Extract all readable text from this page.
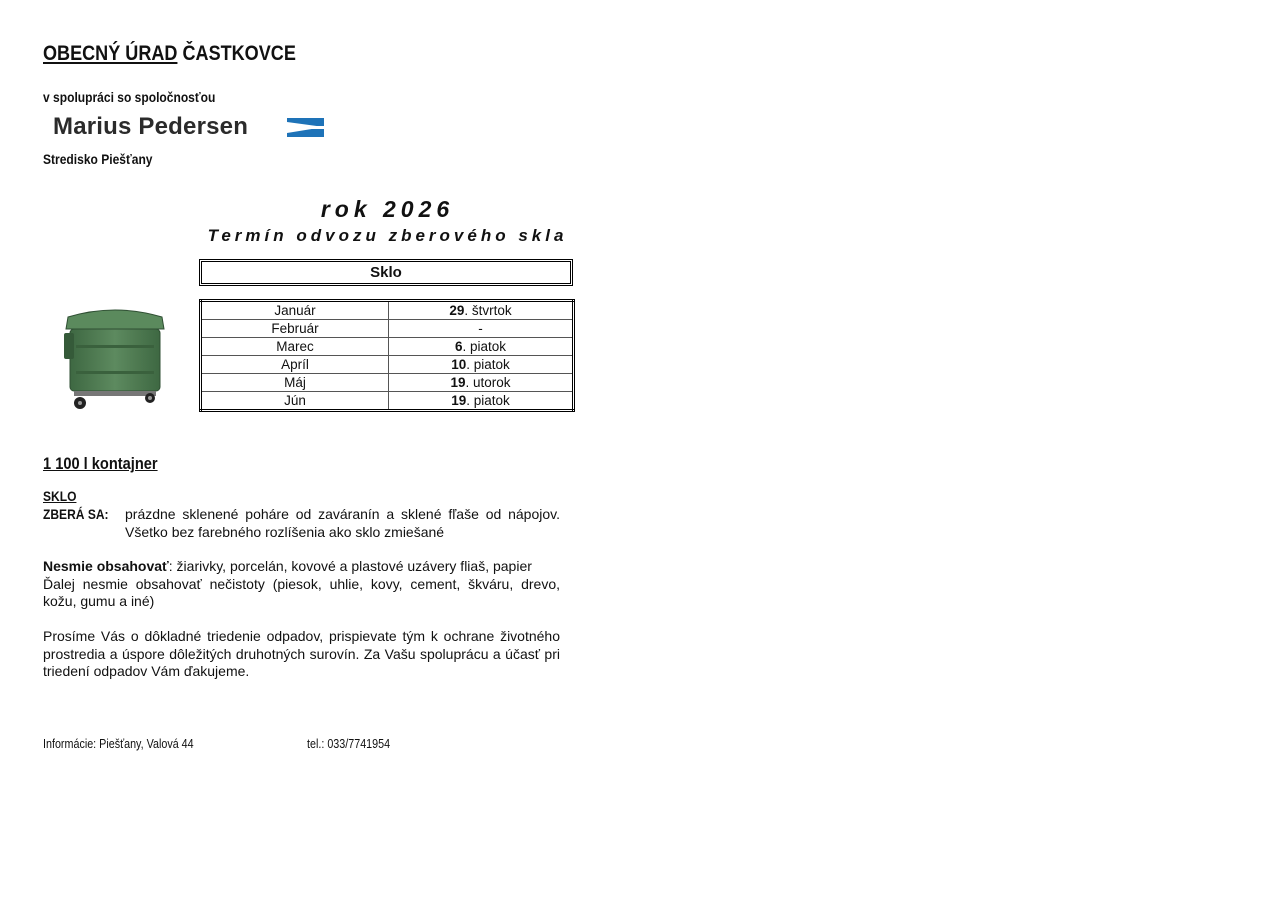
OBECNÝ ÚRAD ČASTKOVCE
v spolupráci so spoločnosťou
Marius Pedersen
Stredisko Piešťany
rok 2026
Termín odvozu zberového skla
Sklo
Január	29. štvrtok
Február	-
Marec	6. piatok
Apríl	10. piatok
Máj	19. utorok
Jún	19. piatok
1 100 l kontajner
SKLO
ZBERÁ SA: prázdne sklenené poháre od zaváranín a sklené fľaše od nápojov. Všetko bez farebného rozlíšenia ako sklo zmiešané
Nesmie obsahovať: žiarivky, porcelán, kovové a plastové uzávery fliaš, papier
Ďalej nesmie obsahovať nečistoty (piesok, uhlie, kovy, cement, škváru, drevo, kožu, gumu a iné)
Prosíme Vás o dôkladné triedenie odpadov, prispievate tým k ochrane životného prostredia a úspore dôležitých druhotných surovín. Za Vašu spoluprácu a účasť pri triedení odpadov Vám ďakujeme.
Informácie: Piešťany, Valová 44	tel.: 033/7741954
